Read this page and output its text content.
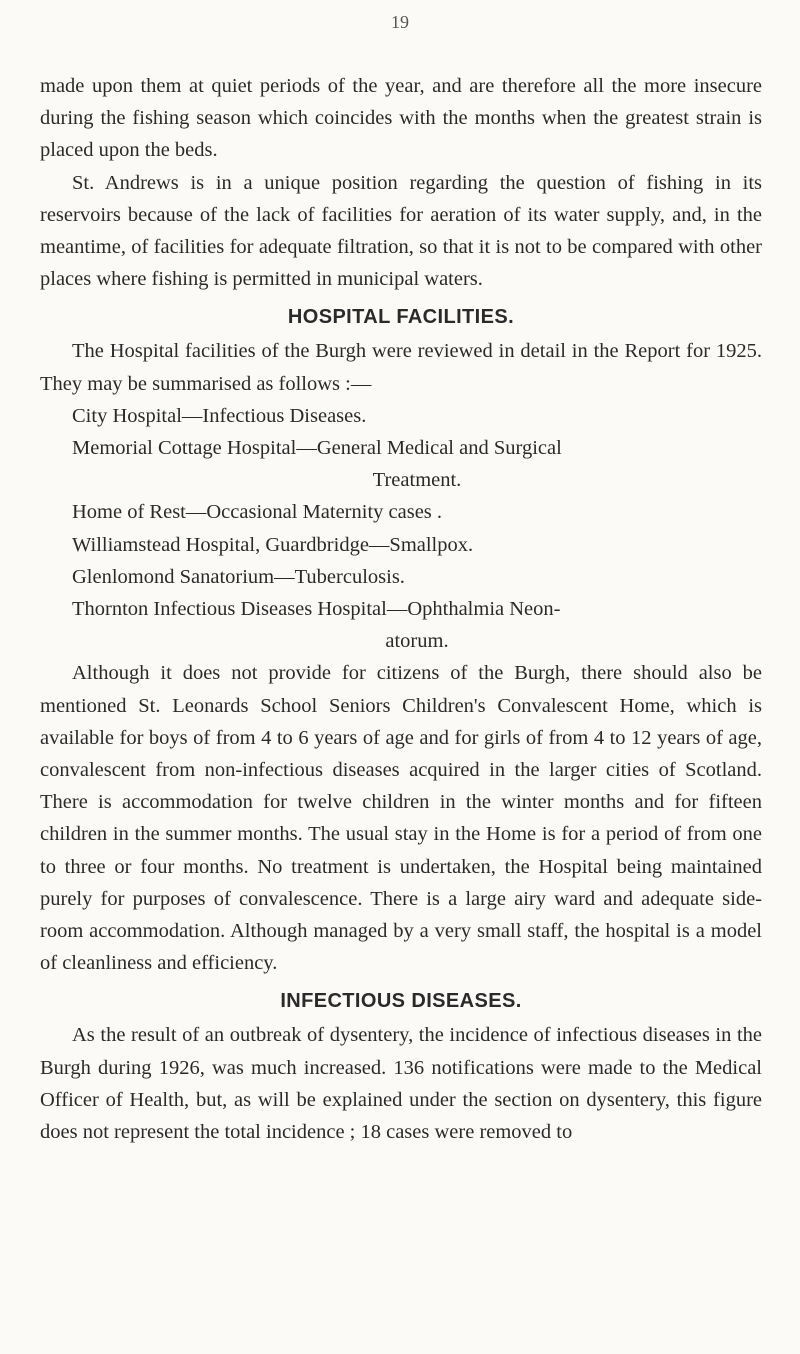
19

made upon them at quiet periods of the year, and are therefore all the more insecure during the fishing season which coincides with the months when the greatest strain is placed upon the beds.

St. Andrews is in a unique position regarding the question of fishing in its reservoirs because of the lack of facilities for aeration of its water supply, and, in the meantime, of facilities for adequate filtration, so that it is not to be compared with other places where fishing is permitted in municipal waters.

HOSPITAL FACILITIES.

The Hospital facilities of the Burgh were reviewed in detail in the Report for 1925. They may be summarised as follows :—

City Hospital—Infectious Diseases.
Memorial Cottage Hospital—General Medical and Surgical
Treatment.
Home of Rest—Occasional Maternity cases .
Williamstead Hospital, Guardbridge—Smallpox.
Glenlomond Sanatorium—Tuberculosis.
Thornton Infectious Diseases Hospital—Ophthalmia Neon-
atorum.

Although it does not provide for citizens of the Burgh, there should also be mentioned St. Leonards School Seniors Children's Convalescent Home, which is available for boys of from 4 to 6 years of age and for girls of from 4 to 12 years of age, convalescent from non-infectious diseases acquired in the larger cities of Scotland. There is accommodation for twelve children in the winter months and for fifteen children in the summer months. The usual stay in the Home is for a period of from one to three or four months. No treatment is undertaken, the Hospital being maintained purely for purposes of convalescence. There is a large airy ward and adequate side-room accommodation. Although managed by a very small staff, the hospital is a model of cleanliness and efficiency.

INFECTIOUS DISEASES.

As the result of an outbreak of dysentery, the incidence of infectious diseases in the Burgh during 1926, was much increased. 136 notifications were made to the Medical Officer of Health, but, as will be explained under the section on dysentery, this figure does not represent the total incidence ; 18 cases were removed to
